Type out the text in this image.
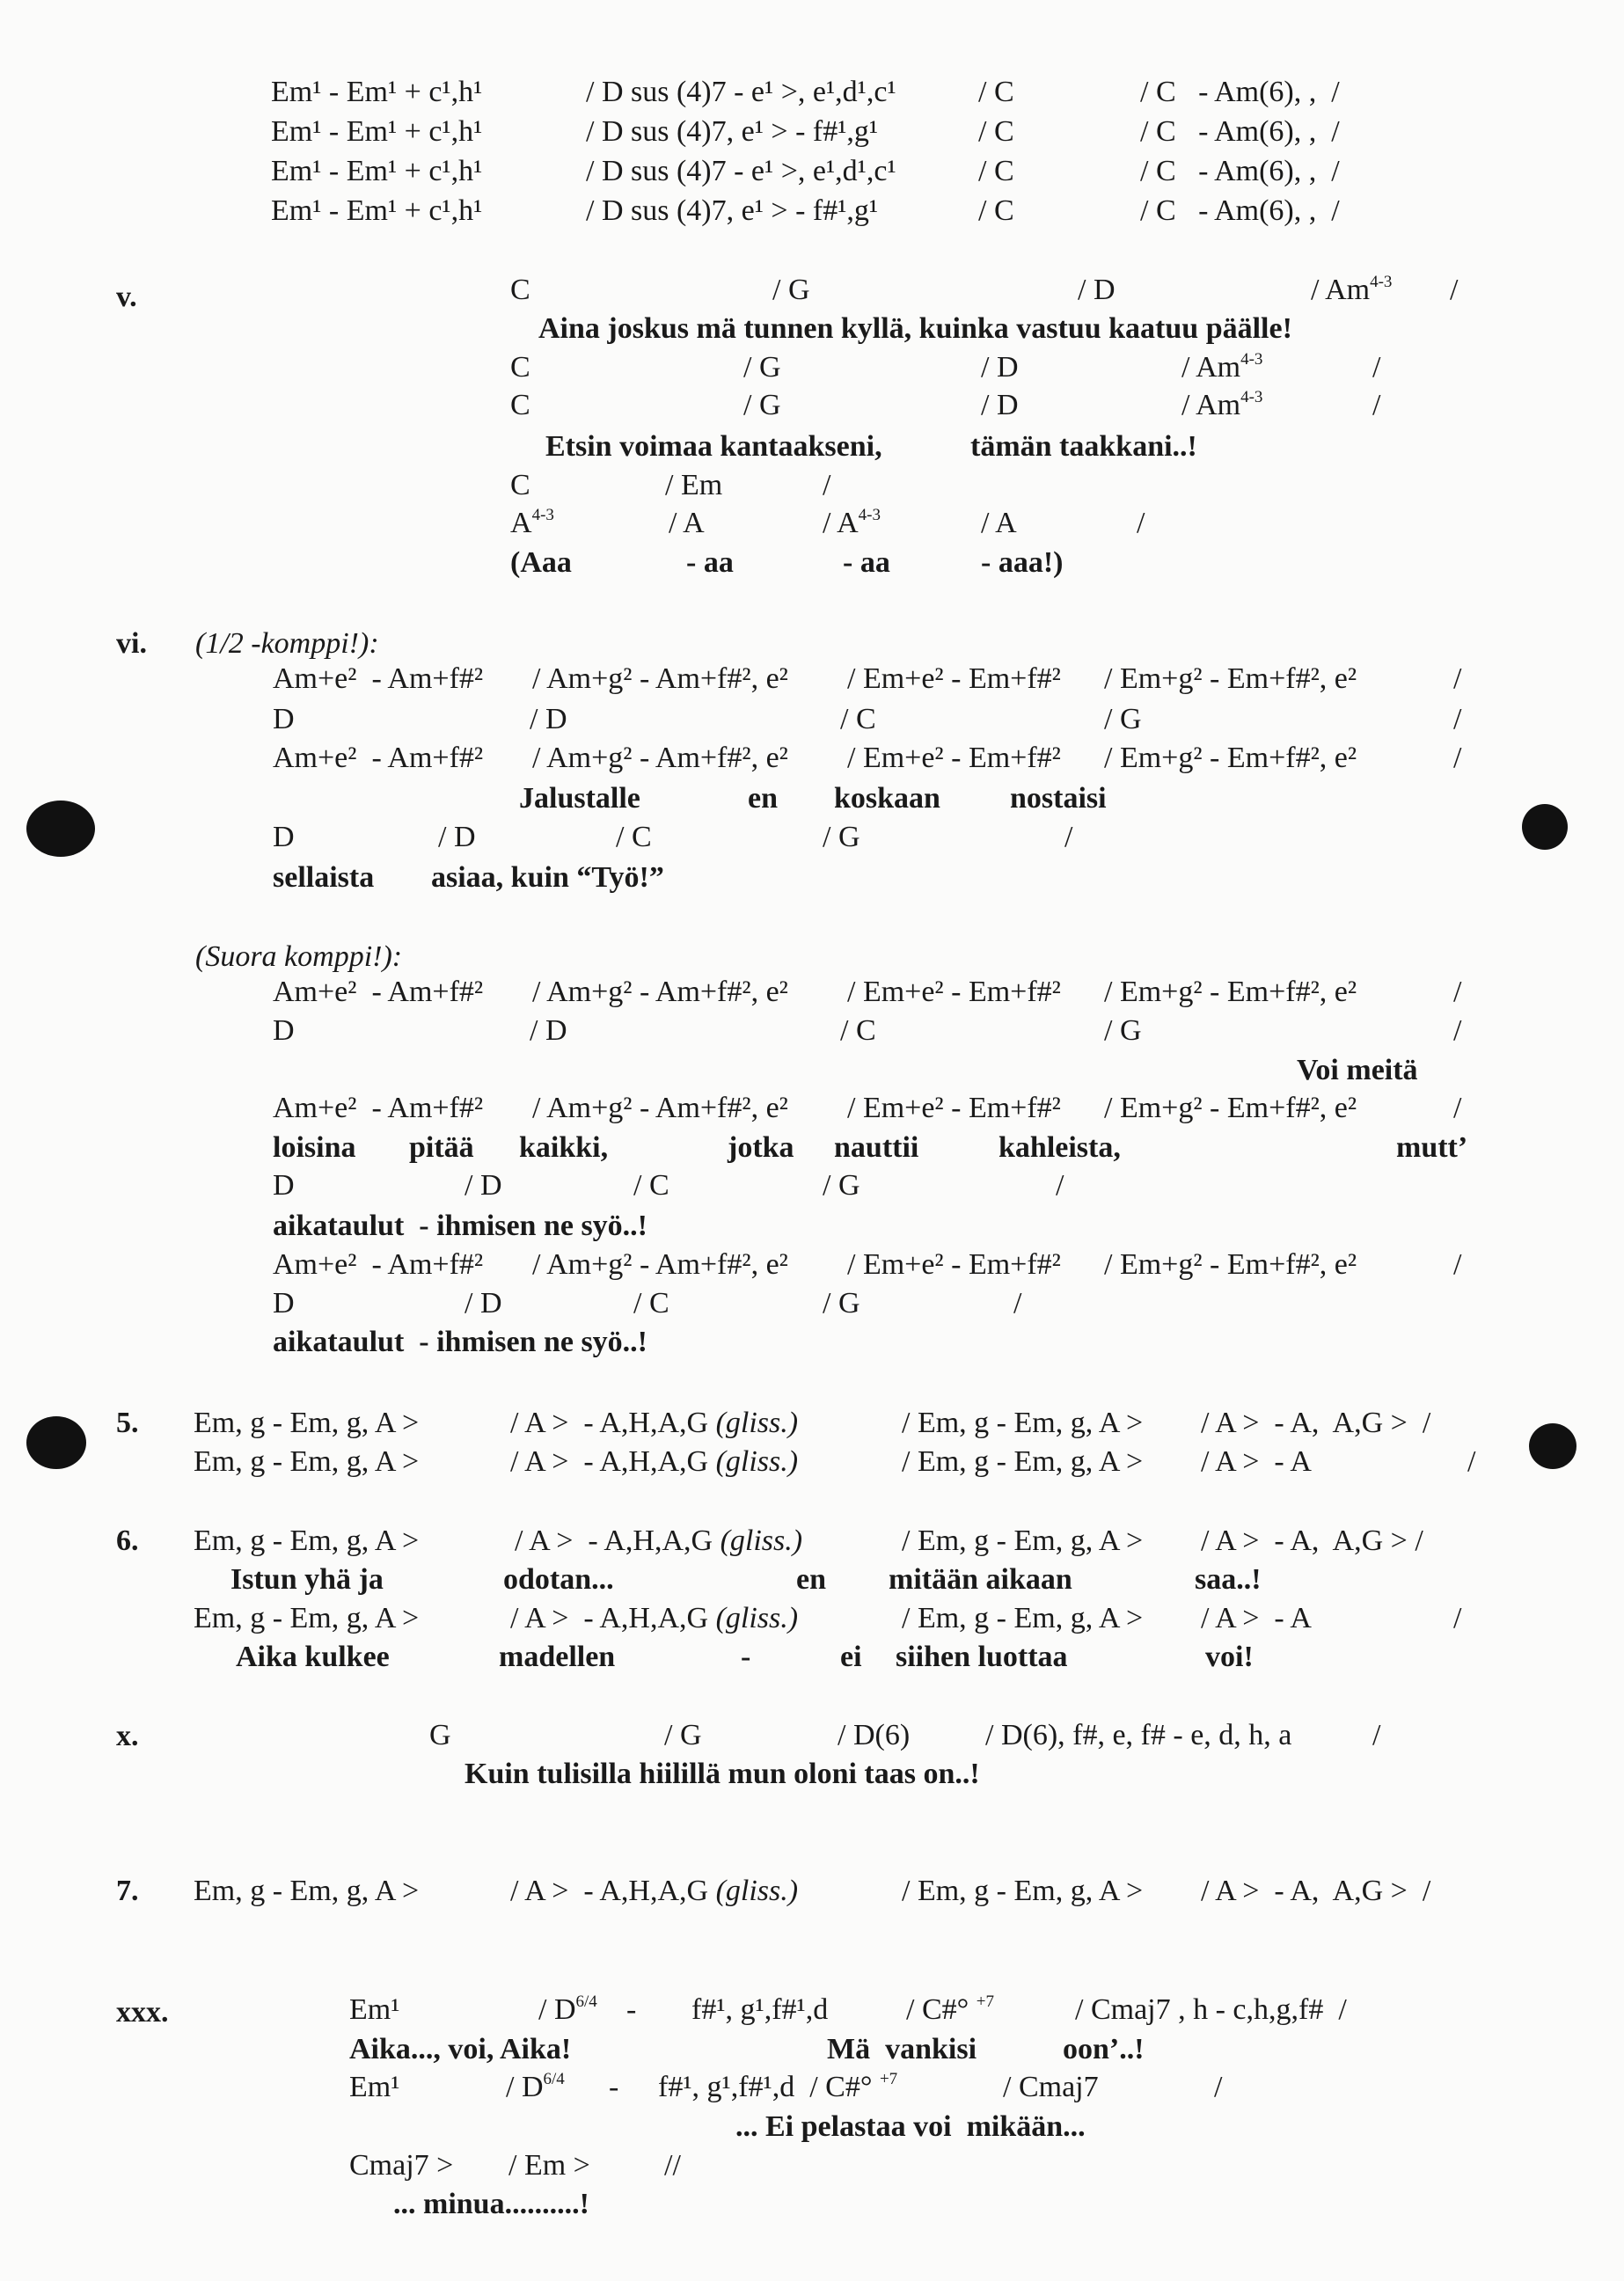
Em¹ - Em¹ + c¹,h¹	/ D sus (4)7 - e¹ >, e¹,d¹,c¹	/ C	/ C   - Am(6), ,  /
Em¹ - Em¹ + c¹,h¹	/ D sus (4)7, e¹ > - f#¹,g¹	/ C	/ C   - Am(6), ,  /
Em¹ - Em¹ + c¹,h¹	/ D sus (4)7 - e¹ >, e¹,d¹,c¹	/ C	/ C   - Am(6), ,  /
Em¹ - Em¹ + c¹,h¹	/ D sus (4)7, e¹ > - f#¹,g¹	/ C	/ C   - Am(6), ,  /
v.	C	/ G	/ D	/ Am$^{4-3}$ /
Aina joskus mä tunnen kyllä, kuinka vastuu kaatuu päälle!
C	/ G	/ D	/ Am$^{4-3}$	/
C	/ G	/ D	/ Am$^{4-3}$	/
Etsin voimaa kantaakseni,	tämän taakkani..!
C	/ Em	/
$A^{4-3}$	/ A	/ $A^{4-3}$	/ A	/
(Aaa	- aa	- aa	- aaa!)
vi. (1/2 -komppi!):
Am+e²  - Am+f#² / Am+g² - Am+f#², e² / Em+e² - Em+f#² / Em+g² - Em+f#², e²	/
D	/ D	/ C	/ G	/
Am+e²  - Am+f#² / Am+g² - Am+f#², e² / Em+e² - Em+f#² / Em+g² - Em+f#², e²	/
Jalustalle	en koskaan nostaisi
D	/ D	/ C	/ G	/
sellaista asiaa, kuin “Työ!”
(Suora komppi!):
Am+e²  - Am+f#² / Am+g² - Am+f#², e² / Em+e² - Em+f#² / Em+g² - Em+f#², e²	/
D	/ D	/ C	/ G	/
Voi meitä
Am+e²  - Am+f#² / Am+g² - Am+f#², e² / Em+e² - Em+f#² / Em+g² - Em+f#², e²	/
loisina pitää kaikki,	jotka nauttii	kahleista,	mutt’
D	/ D	/ C	/ G	/
aikataulut  - ihmisen ne syö..!
Am+e²  - Am+f#² / Am+g² - Am+f#², e² / Em+e² - Em+f#² / Em+g² - Em+f#², e²	/
D	/ D	/ C	/ G	/
aikataulut  - ihmisen ne syö..!
5. Em, g - Em, g, A >	/ A >  - A,H,A,G (gliss.)	/ Em, g - Em, g, A > / A >  - A,  A,G >  /
Em, g - Em, g, A >	/ A >  - A,H,A,G (gliss.)	/ Em, g - Em, g, A > / A >  - A	/
6. Em, g - Em, g, A >	/ A >  - A,H,A,G (gliss.)	/ Em, g - Em, g, A > / A >  - A,  A,G > /
Istun yhä ja	odotan...	en mitään aikaan	saa..!
Em, g - Em, g, A >	/ A >  - A,H,A,G (gliss.)	/ Em, g - Em, g, A > / A >  - A	/
Aika kulkee	madellen	-	ei siihen luottaa	voi!
x.	G	/ G	/ D(6)	/ D(6), f#, e, f# - e, d, h, a	/
Kuin tulisilla hiilillä mun oloni taas on..!
7. Em, g - Em, g, A >	/ A >  - A,H,A,G (gliss.)	/ Em, g - Em, g, A > / A >  - A,  A,G >  /
xxx.	Em¹	/ $D^{6/4}$ - f#¹, g¹,f#¹,d	/ C#° $^{+7}$	/ Cmaj7 , h - c,h,g,f#  /
Aika..., voi, Aika!	Mä  vankisi	oon’..!
Em¹	/ $D^{6/4}$ - f#¹, g¹,f#¹,d  / C#° $^{+7}$	/ Cmaj7	/
... Ei pelastaa voi  mikään...
Cmaj7 > / Em > //
... minua..........!
